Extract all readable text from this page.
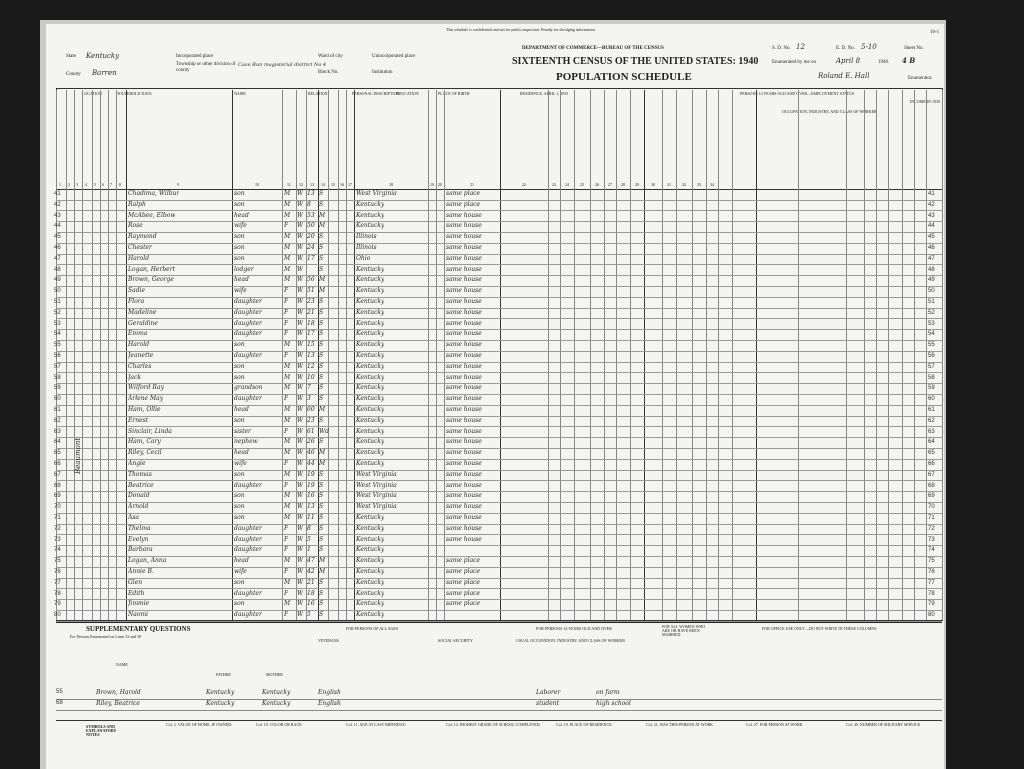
This schedule is confidential and not for public inspection. Penalty for divulging information.
16-1
State Kentucky
County Barren
Incorporated place
Township or other division of county
Cave Run magisterial district No 4
Ward of city
Block No.
Unincorporated place
Institution
DEPARTMENT OF COMMERCE—BUREAU OF THE CENSUS
SIXTEENTH CENSUS OF THE UNITED STATES: 1940
POPULATION SCHEDULE
S. D. No. 12	E. D. No. 5-10	Sheet No.
4 B
Enumerated by me on	April 8	1940.
Roland E. Hall	Enumerator.
LOCATION	HOUSEHOLD DATA	NAME	RELATION	PERSONAL DESCRIPTION
EDUCATION	PLACE OF BIRTH	RESIDENCE, APRIL 1, 1935	PERSONS 14 YEARS OLD AND OVER—EMPLOYMENT STATUS
OCCUPATION, INDUSTRY, AND CLASS OF WORKER
INCOME IN 1939
1 2 3 4 5 6 7 8	9	10	11 12 13 14 15 16 17	18	19 20	21	22	23 24	25	26 27 28	29	30	31	32	33 34
41	Chadima, Wilbur	son	M W 13 S	West Virginia	same place	41
42	Ralph	son	M W 8 S	Kentucky	same place	42
43	McAbee, Elbow	head	M W 53 M	Kentucky	same house	43
44	Rose	wife	F W 50 M	Kentucky	same house	44
45	Raymond	son	M W 20 S	Illinois	same house	45
46	Chester	son	M W 24 S	Illinois	same house	46
47	Harold	son	M W 17 S	Ohio	same house	47
48	Logan, Herbert	lodger	M W	S	Kentucky	same house	48
49	Brown, George	head	M W 56 M	Kentucky	same house	49
50	Sadie	wife	F W 51 M	Kentucky	same house	50
51	Flora	daughter	F W 23 S	Kentucky	same house	51
52	Madeline	daughter	F W 21 S	Kentucky	same house	52
53	Geraldine	daughter	F W 18 S	Kentucky	same house	53
54	Emma	daughter	F W 17 S	Kentucky	same house	54
55	Harold	son	M W 15 S	Kentucky	same house	55
56	Jeanette	daughter	F W 13 S	Kentucky	same house	56
57	Charles	son	M W 12 S	Kentucky	same house	57
58	Jack	son	M W 10 S	Kentucky	same house	58
59	Wilford Ray	grandson	M W 7 S	Kentucky	same house	59
60	Arlene May	daughter	F W 3 S	Kentucky	same house	60
61	Ham, Ollie	head	M W 60 M	Kentucky	same house	61
62	Ernest	son	M W 23 S	Kentucky	same house	62
63	Sinclair, Linda	sister	F W 61 Wd	Kentucky	same house	63
64	Ham, Cary	nephew	M W 26 S	Kentucky	same house	64
65	Riley, Cecil	head	M W 46 M	Kentucky	same house	65
66	Angie	wife	F W 44 M	Kentucky	same house	66
67	Thomas	son	M W 19 S	West Virginia	same house	67
68	Beatrice	daughter	F W 19 S	West Virginia	same house	68
69	Donald	son	M W 16 S	West Virginia	same house	69
70	Arnold	son	M W 13 S	West Virginia	same house	70
71	Asa	son	M W 11 S	Kentucky	same house	71
72	Thelma	daughter	F W 8 S	Kentucky	same house	72
73	Evelyn	daughter	F W 5 S	Kentucky	same house	73
74	Barbara	daughter	F W 1 S	Kentucky	74
75	Logan, Anna	head	M W 47 M	Kentucky	same place	75
76	Annie B.	wife	F W 42 M	Kentucky	same place	76
77	Glen	son	M W 21 S	Kentucky	same place	77
78	Edith	daughter	F W 18 S	Kentucky	same place	78
79	Jimmie	son	M W 16 S	Kentucky	same place	79
80	Naomi	daughter	F W 5 S	Kentucky	80
Beaumont
SUPPLEMENTARY QUESTIONS
For Persons Enumerated on Lines 33 and 58
NAME
FATHER	MOTHER
FOR PERSONS OF ALL AGES
VETERANS	SOCIAL SECURITY
FOR PERSONS 14 YEARS OLD AND OVER
USUAL OCCUPATION, INDUSTRY, AND CLASS OF WORKER
FOR ALL WOMEN WHO ARE OR HAVE BEEN MARRIED
FOR OFFICE USE ONLY—DO NOT WRITE IN THESE COLUMNS
55	Brown, Harold	Kentucky	Kentucky	English	Laborer	on farm
68	Riley, Beatrice	Kentucky	Kentucky	English	student	high school
SYMBOLS AND EXPLANATORY NOTES
Col. 2. VALUE OF HOME, IF OWNED:	Col. 10. COLOR OR RACE:	Col. 11. AGE AT LAST BIRTHDAY:	Col. 14. HIGHEST GRADE OF SCHOOL COMPLETED:	Col. 19. PLACE OF RESIDENCE:	Col. 21. WAS THIS PERSON AT WORK	Col. 27. FOR PERSON AT WORK	Col. 49. NUMBER OF MILITARY SERVICE
